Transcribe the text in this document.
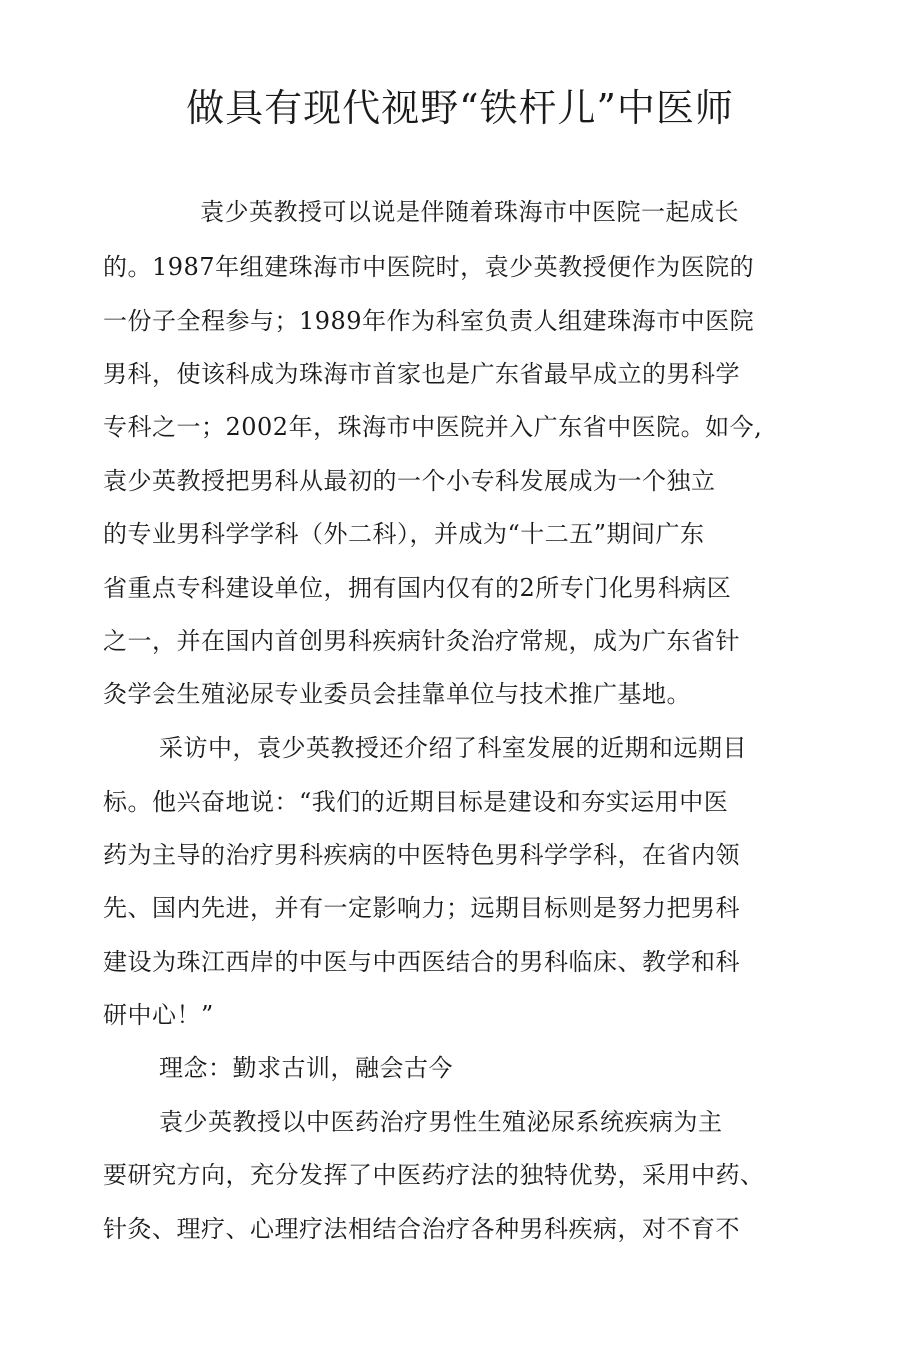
做具有现代视野“铁杆儿”中医师
袁少英教授可以说是伴随着珠海市中医院一起成长
的。1987年组建珠海市中医院时，袁少英教授便作为医院的
一份子全程参与；1989年作为科室负责人组建珠海市中医院
男科，使该科成为珠海市首家也是广东省最早成立的男科学
专科之一；2002年，珠海市中医院并入广东省中医院。如今,
袁少英教授把男科从最初的一个小专科发展成为一个独立
的专业男科学学科（外二科），并成为“十二五”期间广东
省重点专科建设单位，拥有国内仅有的2所专门化男科病区
之一，并在国内首创男科疾病针灸治疗常规，成为广东省针
灸学会生殖泌尿专业委员会挂靠单位与技术推广基地。
采访中，袁少英教授还介绍了科室发展的近期和远期目
标。他兴奋地说：“我们的近期目标是建设和夯实运用中医
药为主导的治疗男科疾病的中医特色男科学学科，在省内领
先、国内先进，并有一定影响力；远期目标则是努力把男科
建设为珠江西岸的中医与中西医结合的男科临床、教学和科
研中心！”
理念：勤求古训，融会古今
袁少英教授以中医药治疗男性生殖泌尿系统疾病为主
要研究方向，充分发挥了中医药疗法的独特优势，采用中药、
针灸、理疗、心理疗法相结合治疗各种男科疾病，对不育不
